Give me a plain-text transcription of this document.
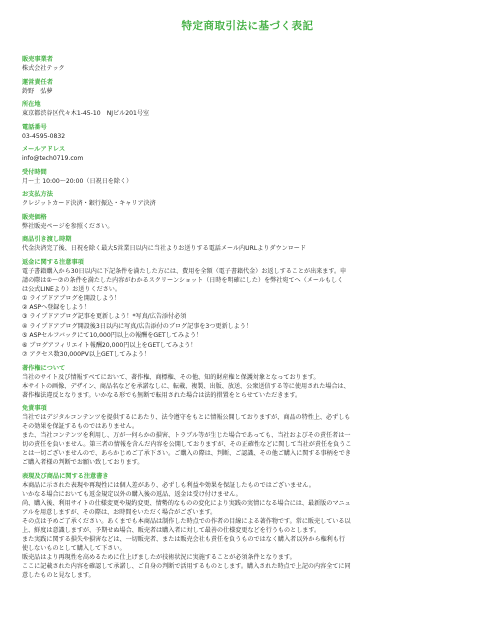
特定商取引法に基づく表記
販売事業者
株式会社テック
運営責任者
鈴野　弘夢
所在地
東京都渋谷区代々木1-45-10　NJビル201号室
電話番号
03-4595-0832
メールアドレス
info@tech0719.com
受付時間
月〜土 10:00〜20:00（日祝日を除く）
お支払方法
クレジットカード決済・銀行振込・キャリア決済
販売価格
弊社販売ページを参照ください。
商品引き渡し時期
代金決済完了後、日祝を除く最大5営業日以内に当社よりお送りする電話メール内URLよりダウンロード
返金に関する注意事項
電子書籍購入から30日以内に下記条件を満たした方には、費用を全額（電子書籍代金）お返しすることが出来ます。申
請の際は①〜⑦の条件を満たした内容がわかるスクリーンショット（日時を明確にした）を弊社宛てへ（メールもしく
は公式LINEより）お送りください。
① ライブドアブログを開設しよう！
② ASPへ登録をしよう！
③ ライブドアブログ記事を更新しよう！*写真/広告添付必須
④ ライブドアブログ開設後3日以内に写真/広告添付のブログ記事を3つ更新しよう！
⑤ ASPセルフバックにて10,000円以上の報酬をGETしてみよう！
⑥ ブログアフィリエイト報酬20,000円以上をGETしてみよう！
⑦ アクセス数30,000PV以上GETしてみよう！
著作権について
当社のサイト及び情報すべてにおいて、著作権、商標権、その他、知的財産権と保護対象となっております。
本サイトの画像、デザイン、商品名などを承諾なしに、転載、複製、出版、放送、公衆送信する等に使用された場合は、
著作権法違反となります。いかなる形でも無断で転用された場合は法的措置をとらせていただきます。
免責事項
当社ではデジタルコンテンツを提供するにあたり、法令遵守をもとに情報公開しておりますが、商品の特性上、必ずしも
その効果を保証するものではありません。
また、当社コンテンツを利用し、万が一何らかの損害、トラブル等が生じた場合であっても、当社およびその責任者は一
切の責任を負いません。第三者の情報を含んだ内容を公開しておりますが、その正確性などに関して当社が責任を負うこ
とは一切ございませんので、あらかじめご了承下さい。ご購入の際は、判断、ご認識、その他ご購入に関する事柄をでき
ご購入者様の判断でお願い致しております。
表現及び商品に関する注意書き
本商品に示された表現や再現性には個人差があり、必ずしも利益や効果を保証したものではございません。
いかなる場合においても返金規定以外の購入後の返品、返金は受け付けません。
尚、購入後、利用サイトの仕様変更や規約変更、情勢的なものの変化により実践の実情になる場合には、最新版のマニュ
アルを用意しますが、その際は、お時間をいただく場合がございます。
その点は予めご了承ください。あくまでも本商品は制作した時点での作者の目線による著作物です。常に販売している以
上、鮮度は意識しますが、予期せぬ場合、販売者は購入者に対して最善の仕様変更などを行うものとします。
また実践に関する損失や損害などは、一切販売者、または販売会社も責任を負うものではなく購入者以外から権利も行
使しないものとして購入して下さい。
販売品はより再現性を高めるために仕上げましたが技術状況に実施することが必須条件となります。
ここに記載された内容を確認して承諾し、ご自身の判断で活用するものとします。購入された時点で上記の内容全てに同
意したものと見なします。
